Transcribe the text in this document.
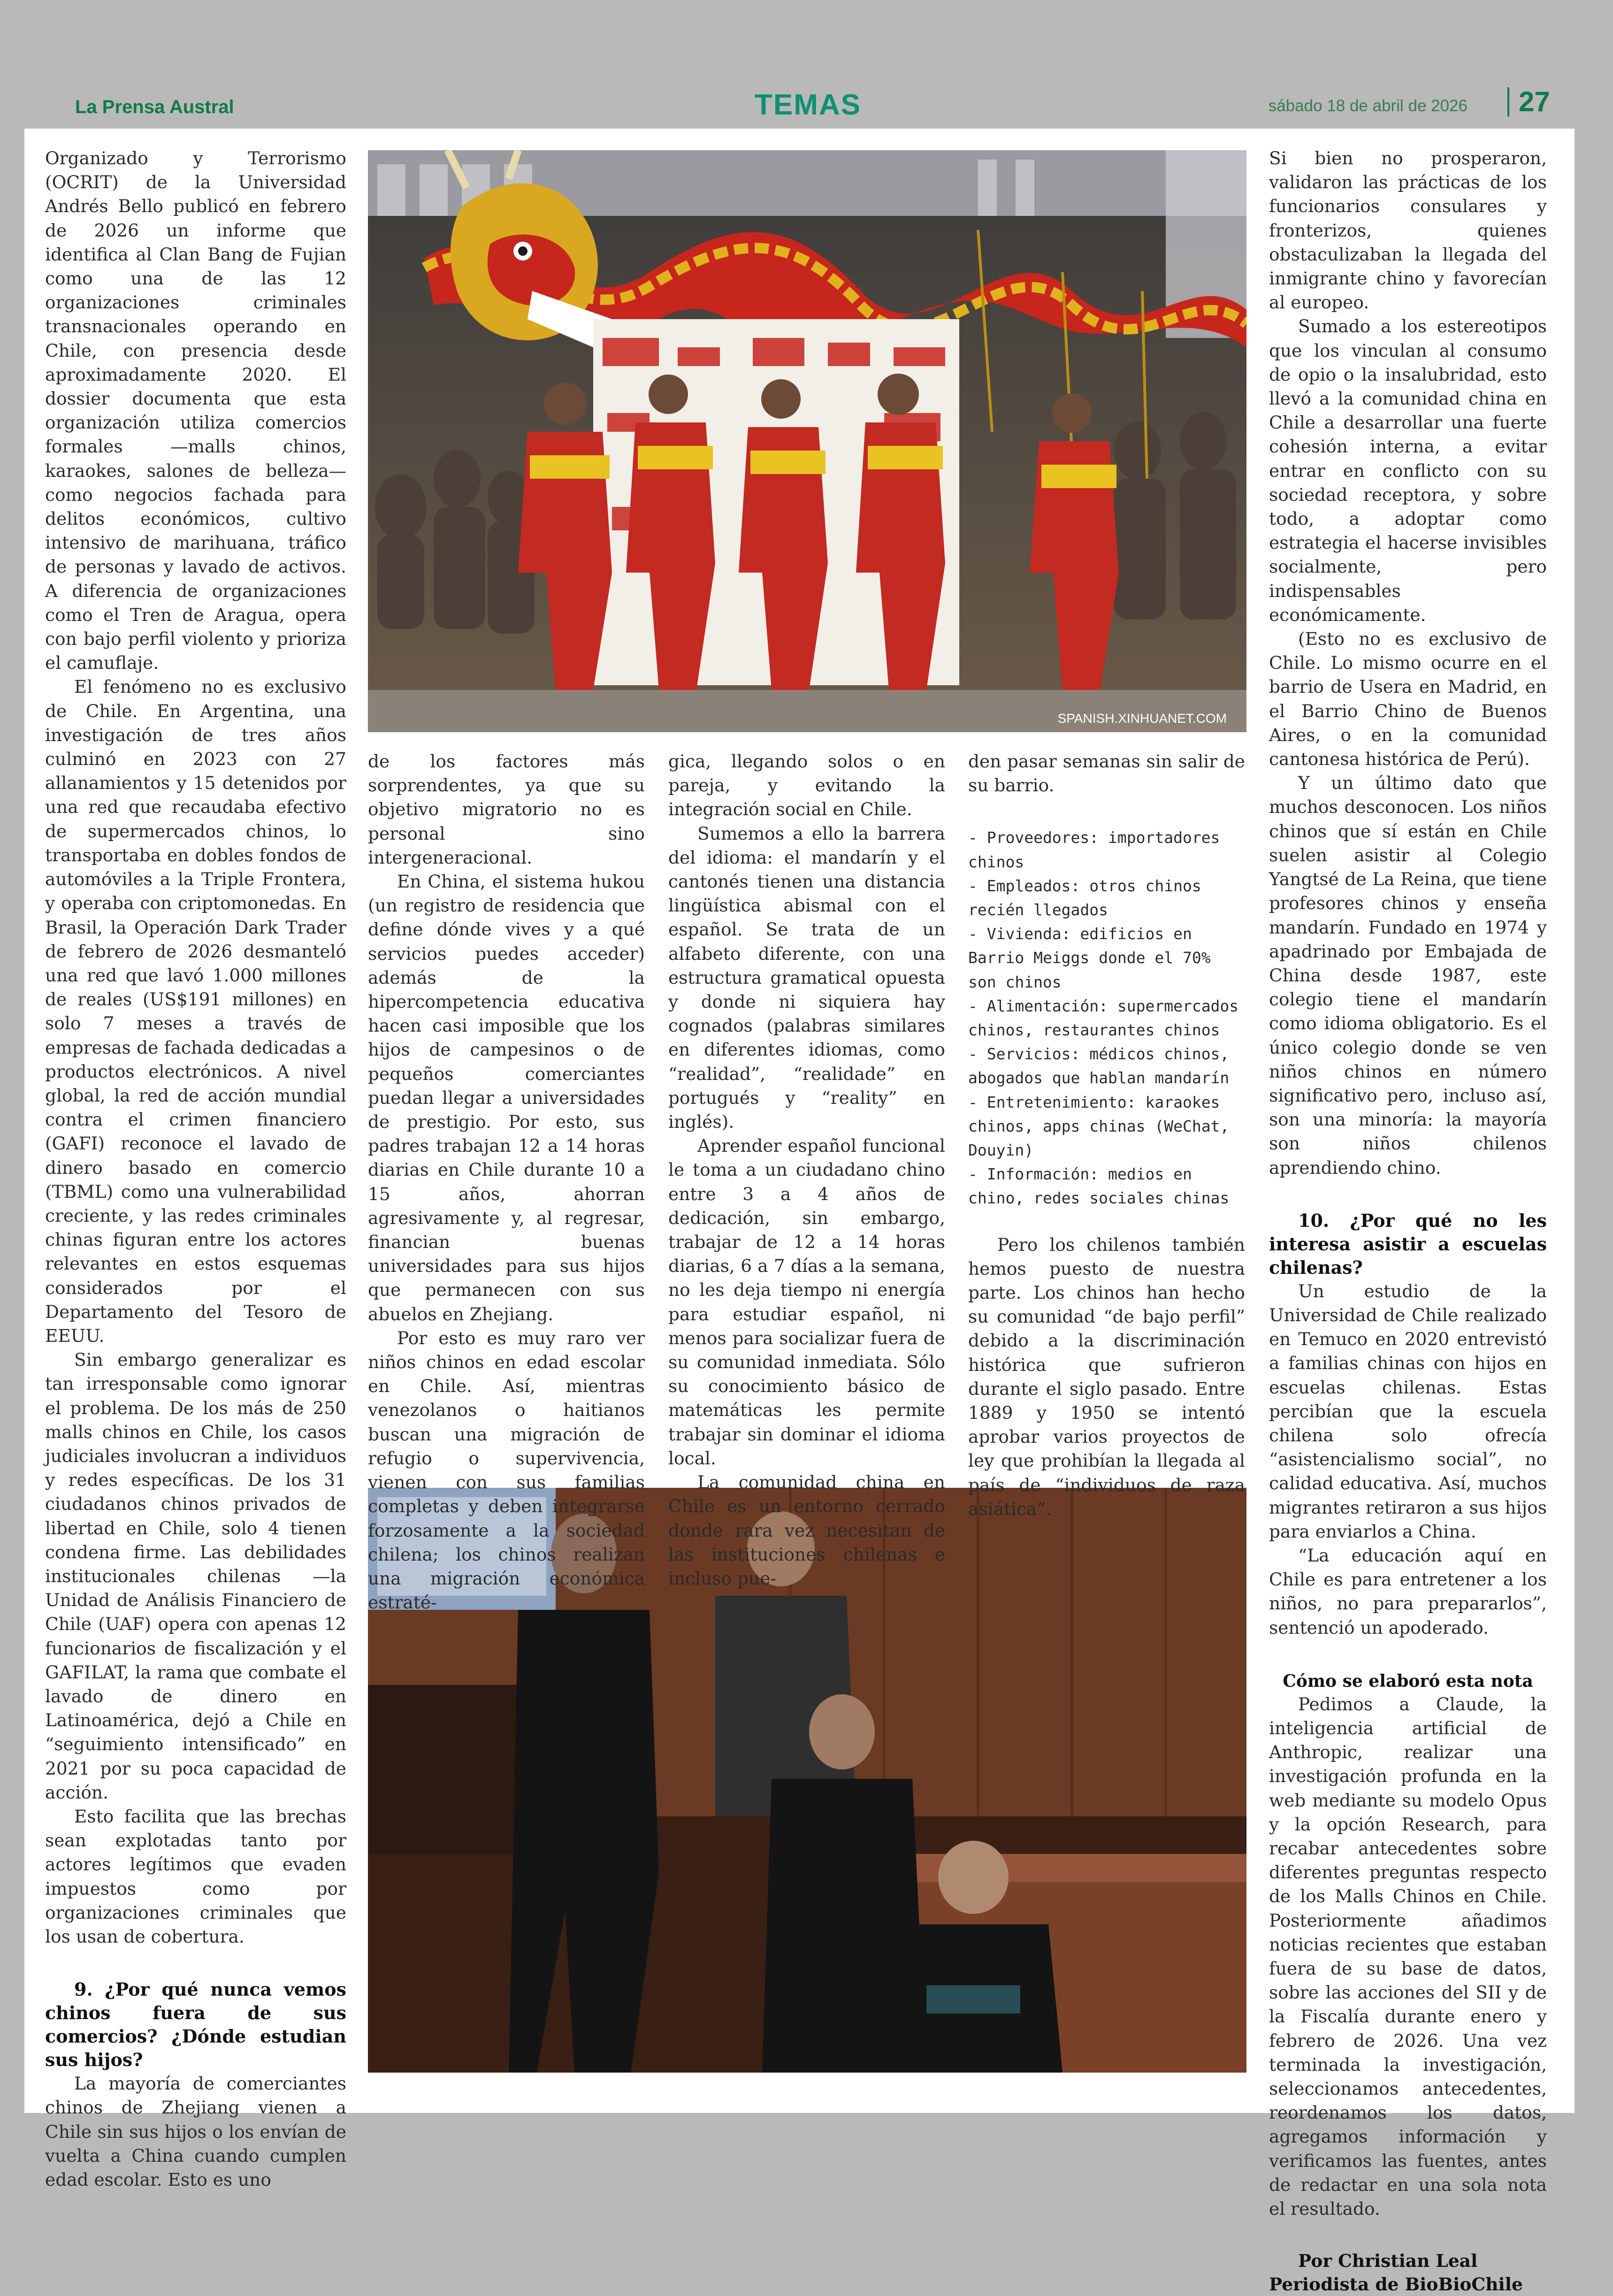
La Prensa Austral	TEMAS	sábado 18 de abril de 2026	27
SPANISH.XINHUANET.COM

Organizado y Terrorismo (OCRIT) de la Universidad Andrés Bello publicó en febrero de 2026 un informe que identifica al Clan Bang de Fujian como una de las 12 organizaciones criminales transnacionales operando en Chile, con presencia desde aproximadamente 2020. El dossier documenta que esta organización utiliza comercios formales —malls chinos, karaokes, salones de belleza— como negocios fachada para delitos económicos, cultivo intensivo de marihuana, tráfico de personas y lavado de activos. A diferencia de organizaciones como el Tren de Aragua, opera con bajo perfil violento y prioriza el camuflaje.

El fenómeno no es exclusivo de Chile. En Argentina, una investigación de tres años culminó en 2023 con 27 allanamientos y 15 detenidos por una red que recaudaba efectivo de supermercados chinos, lo transportaba en dobles fondos de automóviles a la Triple Frontera, y operaba con criptomonedas. En Brasil, la Operación Dark Trader de febrero de 2026 desmanteló una red que lavó 1.000 millones de reales (US$191 millones) en solo 7 meses a través de empresas de fachada dedicadas a productos electrónicos. A nivel global, la red de acción mundial contra el crimen financiero (GAFI) reconoce el lavado de dinero basado en comercio (TBML) como una vulnerabilidad creciente, y las redes criminales chinas figuran entre los actores relevantes en estos esquemas considerados por el Departamento del Tesoro de EEUU.

Sin embargo generalizar es tan irresponsable como ignorar el problema. De los más de 250 malls chinos en Chile, los casos judiciales involucran a individuos y redes específicas. De los 31 ciudadanos chinos privados de libertad en Chile, solo 4 tienen condena firme. Las debilidades institucionales chilenas —la Unidad de Análisis Financiero de Chile (UAF) opera con apenas 12 funcionarios de fiscalización y el GAFILAT, la rama que combate el lavado de dinero en Latinoamérica, dejó a Chile en “seguimiento intensificado” en 2021 por su poca capacidad de acción.

Esto facilita que las brechas sean explotadas tanto por actores legítimos que evaden impuestos como por organizaciones criminales que los usan de cobertura.

9. ¿Por qué nunca vemos chinos fuera de sus comercios? ¿Dónde estudian sus hijos?

La mayoría de comerciantes chinos de Zhejiang vienen a Chile sin sus hijos o los envían de vuelta a China cuando cumplen edad escolar. Esto es uno

de los factores más sorprendentes, ya que su objetivo migratorio no es personal sino intergeneracional.

En China, el sistema hukou (un registro de residencia que define dónde vives y a qué servicios puedes acceder) además de la hipercompetencia educativa hacen casi imposible que los hijos de campesinos o de pequeños comerciantes puedan llegar a universidades de prestigio. Por esto, sus padres trabajan 12 a 14 horas diarias en Chile durante 10 a 15 años, ahorran agresivamente y, al regresar, financian buenas universidades para sus hijos que permanecen con sus abuelos en Zhejiang.

Por esto es muy raro ver niños chinos en edad escolar en Chile. Así, mientras venezolanos o haitianos buscan una migración de refugio o supervivencia, vienen con sus familias completas y deben integrarse forzosamente a la sociedad chilena; los chinos realizan una migración económica estraté-

gica, llegando solos o en pareja, y evitando la integración social en Chile.

Sumemos a ello la barrera del idioma: el mandarín y el cantonés tienen una distancia lingüística abismal con el español. Se trata de un alfabeto diferente, con una estructura gramatical opuesta y donde ni siquiera hay cognados (palabras similares en diferentes idiomas, como “realidad”, “realidade” en portugués y “reality” en inglés).

Aprender español funcional le toma a un ciudadano chino entre 3 a 4 años de dedicación, sin embargo, trabajar de 12 a 14 horas diarias, 6 a 7 días a la semana, no les deja tiempo ni energía para estudiar español, ni menos para socializar fuera de su comunidad inmediata. Sólo su conocimiento básico de matemáticas les permite trabajar sin dominar el idioma local.

La comunidad china en Chile es un entorno cerrado donde rara vez necesitan de las instituciones chilenas e incluso pue-

den pasar semanas sin salir de su barrio.

- Proveedores: importadores chinos
- Empleados: otros chinos recién llegados
- Vivienda: edificios en Barrio Meiggs donde el 70% son chinos
- Alimentación: supermercados chinos, restaurantes chinos
- Servicios: médicos chinos, abogados que hablan mandarín
- Entretenimiento: karaokes chinos, apps chinas (WeChat, Douyin)
- Información: medios en chino, redes sociales chinas

Pero los chilenos también hemos puesto de nuestra parte. Los chinos han hecho su comunidad “de bajo perfil” debido a la discriminación histórica que sufrieron durante el siglo pasado. Entre 1889 y 1950 se intentó aprobar varios proyectos de ley que prohibían la llegada al país de “individuos de raza asiática”.

Si bien no prosperaron, validaron las prácticas de los funcionarios consulares y fronterizos, quienes obstaculizaban la llegada del inmigrante chino y favorecían al europeo.

Sumado a los estereotipos que los vinculan al consumo de opio o la insalubridad, esto llevó a la comunidad china en Chile a desarrollar una fuerte cohesión interna, a evitar entrar en conflicto con su sociedad receptora, y sobre todo, a adoptar como estrategia el hacerse invisibles socialmente, pero indispensables económicamente.

(Esto no es exclusivo de Chile. Lo mismo ocurre en el barrio de Usera en Madrid, en el Barrio Chino de Buenos Aires, o en la comunidad cantonesa histórica de Perú).

Y un último dato que muchos desconocen. Los niños chinos que sí están en Chile suelen asistir al Colegio Yangtsé de La Reina, que tiene profesores chinos y enseña mandarín. Fundado en 1974 y apadrinado por Embajada de China desde 1987, este colegio tiene el mandarín como idioma obligatorio. Es el único colegio donde se ven niños chinos en número significativo pero, incluso así, son una minoría: la mayoría son niños chilenos aprendiendo chino.

10. ¿Por qué no les interesa asistir a escuelas chilenas?

Un estudio de la Universidad de Chile realizado en Temuco en 2020 entrevistó a familias chinas con hijos en escuelas chilenas. Estas percibían que la escuela chilena solo ofrecía “asistencialismo social”, no calidad educativa. Así, muchos migrantes retiraron a sus hijos para enviarlos a China.

“La educación aquí en Chile es para entretener a los niños, no para prepararlos”, sentenció un apoderado.

Cómo se elaboró esta nota

Pedimos a Claude, la inteligencia artificial de Anthropic, realizar una investigación profunda en la web mediante su modelo Opus y la opción Research, para recabar antecedentes sobre diferentes preguntas respecto de los Malls Chinos en Chile. Posteriormente añadimos noticias recientes que estaban fuera de su base de datos, sobre las acciones del SII y de la Fiscalía durante enero y febrero de 2026. Una vez terminada la investigación, seleccionamos antecedentes, reordenamos los datos, agregamos información y verificamos las fuentes, antes de redactar en una sola nota el resultado.

Por Christian Leal
Periodista de BioBioChile
